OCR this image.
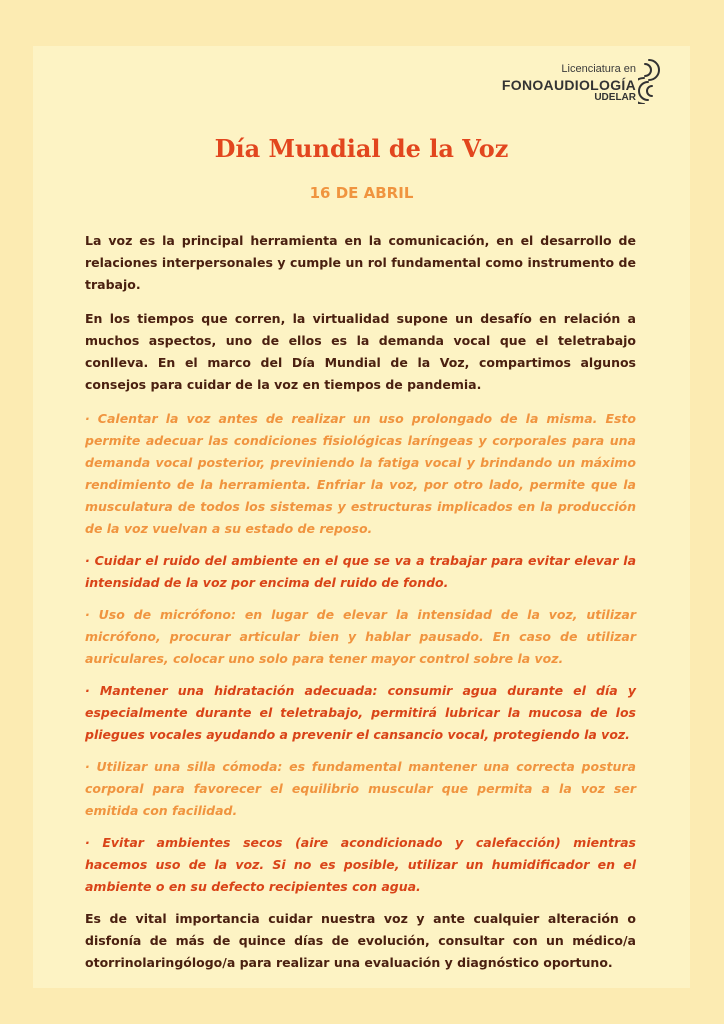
Licenciatura en
FONOAUDIOLOGÍA
UDELAR
Día Mundial de la Voz
16 DE ABRIL

La voz es la principal herramienta en la comunicación, en el desarrollo de relaciones interpersonales y cumple un rol fundamental como instrumento de trabajo.

En los tiempos que corren, la virtualidad supone un desafío en relación a muchos aspectos, uno de ellos es la demanda vocal que el teletrabajo conlleva. En el marco del Día Mundial de la Voz, compartimos algunos consejos para cuidar de la voz en tiempos de pandemia.

· Calentar la voz antes de realizar un uso prolongado de la misma. Esto permite adecuar las condiciones fisiológicas laríngeas y corporales para una demanda vocal posterior, previniendo la fatiga vocal y brindando un máximo rendimiento de la herramienta. Enfriar la voz, por otro lado, permite que la musculatura de todos los sistemas y estructuras implicados en la producción de la voz vuelvan a su estado de reposo.

· Cuidar el ruido del ambiente en el que se va a trabajar para evitar elevar la intensidad de la voz por encima del ruido de fondo.

· Uso de micrófono: en lugar de elevar la intensidad de la voz, utilizar micrófono, procurar articular bien y hablar pausado. En caso de utilizar auriculares, colocar uno solo para tener mayor control sobre la voz.

· Mantener una hidratación adecuada: consumir agua durante el día y especialmente durante el teletrabajo, permitirá lubricar la mucosa de los pliegues vocales ayudando a prevenir el cansancio vocal, protegiendo la voz.

· Utilizar una silla cómoda: es fundamental mantener una correcta postura corporal para favorecer el equilibrio muscular que permita a la voz ser emitida con facilidad.

· Evitar ambientes secos (aire acondicionado y calefacción) mientras hacemos uso de la voz. Si no es posible, utilizar un humidificador en el ambiente o en su defecto recipientes con agua.

Es de vital importancia cuidar nuestra voz y ante cualquier alteración o disfonía de más de quince días de evolución, consultar con un médico/a otorrinolaringólogo/a para realizar una evaluación y diagnóstico oportuno.
